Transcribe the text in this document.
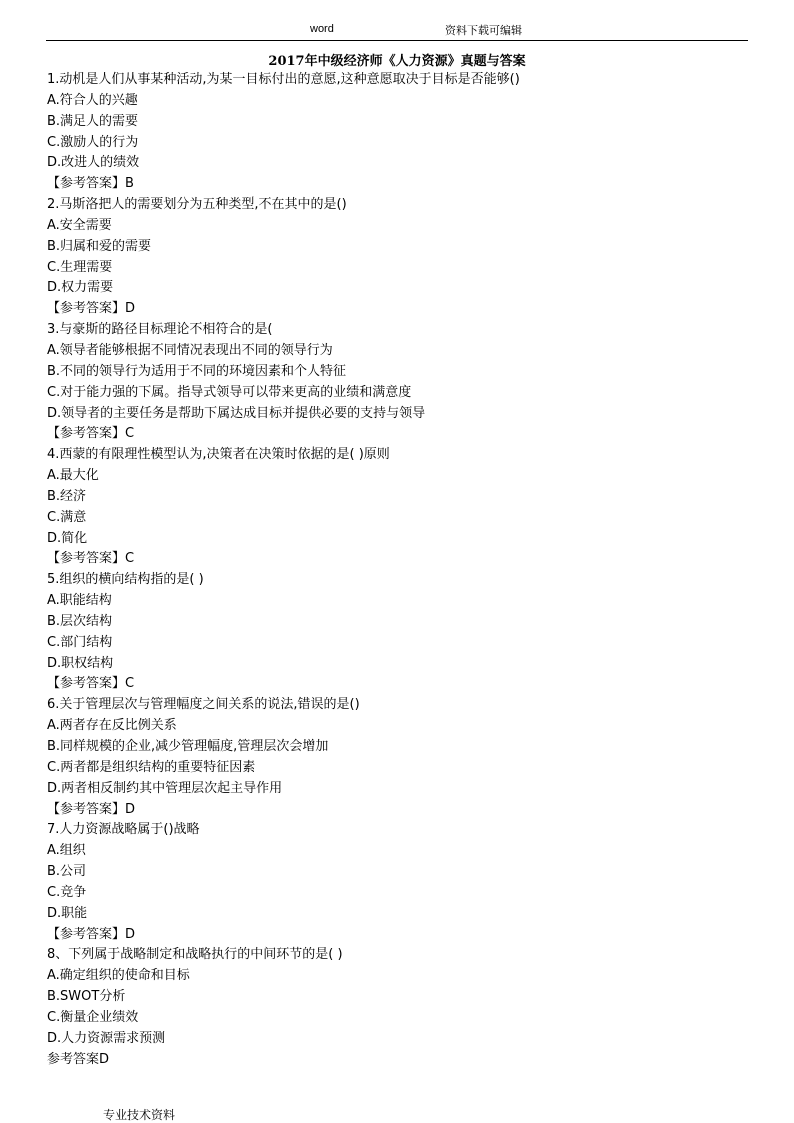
word	资料下载可编辑
2017年中级经济师《人力资源》真题与答案
1.动机是人们从事某种活动,为某一目标付出的意愿,这种意愿取决于目标是否能够()
A.符合人的兴趣
B.满足人的需要
C.激励人的行为
D.改进人的绩效
【参考答案】B
2.马斯洛把人的需要划分为五种类型,不在其中的是()
A.安全需要
B.归属和爱的需要
C.生理需要
D.权力需要
【参考答案】D
3.与豪斯的路径目标理论不相符合的是(
A.领导者能够根据不同情况表现出不同的领导行为
B.不同的领导行为适用于不同的环境因素和个人特征
C.对于能力强的下属。指导式领导可以带来更高的业绩和满意度
D.领导者的主要任务是帮助下属达成目标并提供必要的支持与领导
【参考答案】C
4.西蒙的有限理性模型认为,决策者在决策时依据的是( )原则
A.最大化
B.经济
C.满意
D.简化
【参考答案】C
5.组织的横向结构指的是( )
A.职能结构
B.层次结构
C.部门结构
D.职权结构
【参考答案】C
6.关于管理层次与管理幅度之间关系的说法,错误的是()
A.两者存在反比例关系
B.同样规模的企业,减少管理幅度,管理层次会增加
C.两者都是组织结构的重要特征因素
D.两者相反制约其中管理层次起主导作用
【参考答案】D
7.人力资源战略属于()战略
A.组织
B.公司
C.竞争
D.职能
【参考答案】D
8、下列属于战略制定和战略执行的中间环节的是( )
A.确定组织的使命和目标
B.SWOT分析
C.衡量企业绩效
D.人力资源需求预测
参考答案D
专业技术资料
